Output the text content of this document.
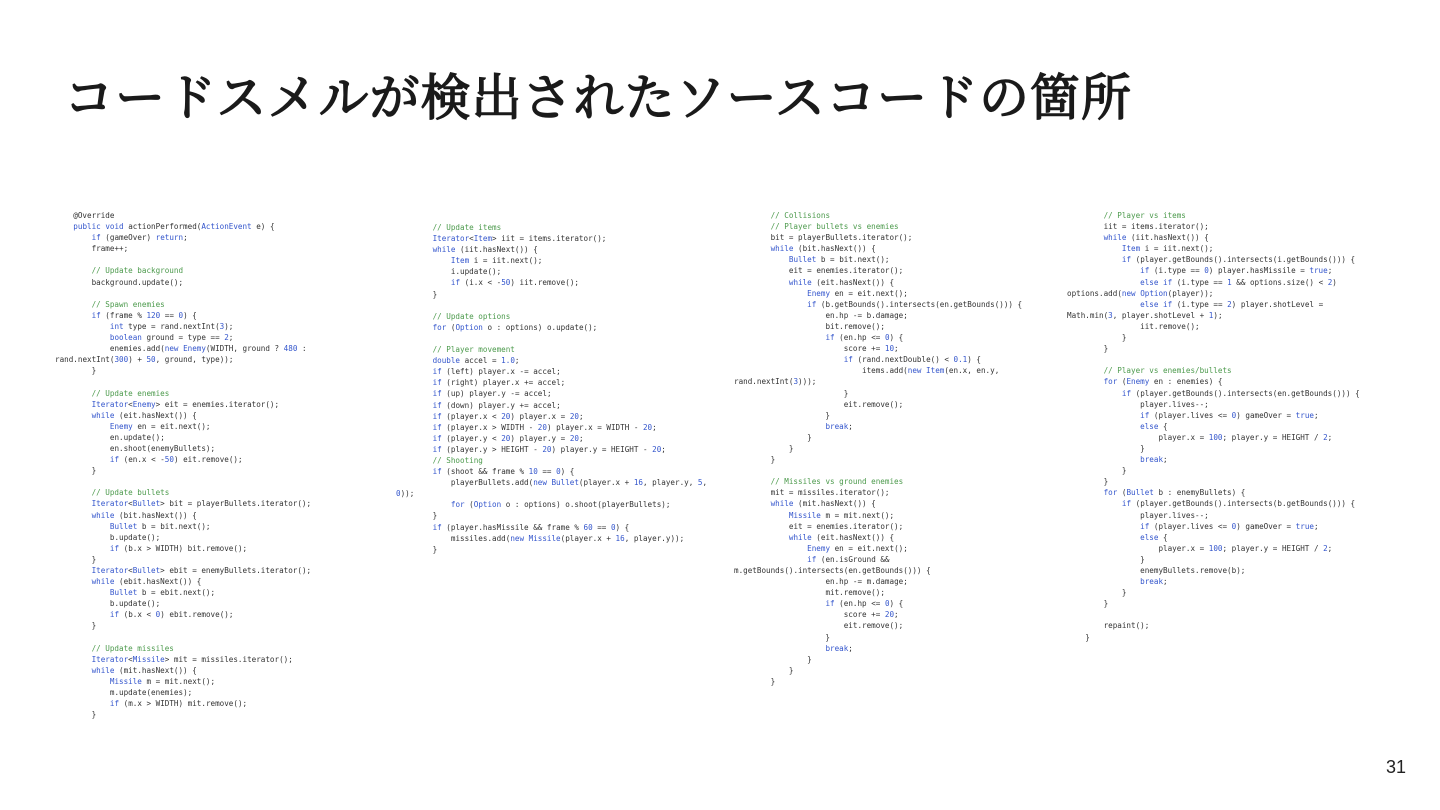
コードスメルが検出されたソースコードの箇所
@Override
public void actionPerformed(ActionEvent e) {
if (gameOver) return;
frame++;

// Update background
background.update();

// Spawn enemies
if (frame % 120 == 0) {
int type = rand.nextInt(3);
boolean ground = type == 2;
enemies.add(new Enemy(WIDTH, ground ? 480 :
rand.nextInt(300) + 50, ground, type));
}

// Update enemies
Iterator<Enemy> eit = enemies.iterator();
while (eit.hasNext()) {
Enemy en = eit.next();
en.update();
en.shoot(enemyBullets);
if (en.x < -50) eit.remove();
}

// Update bullets
Iterator<Bullet> bit = playerBullets.iterator();
while (bit.hasNext()) {
Bullet b = bit.next();
b.update();
if (b.x > WIDTH) bit.remove();
}
Iterator<Bullet> ebit = enemyBullets.iterator();
while (ebit.hasNext()) {
Bullet b = ebit.next();
b.update();
if (b.x < 0) ebit.remove();
}

// Update missiles
Iterator<Missile> mit = missiles.iterator();
while (mit.hasNext()) {
Missile m = mit.next();
m.update(enemies);
if (m.x > WIDTH) mit.remove();
}

// Update items
Iterator<Item> iit = items.iterator();
while (iit.hasNext()) {
Item i = iit.next();
i.update();
if (i.x < -50) iit.remove();
}

// Update options
for (Option o : options) o.update();

// Player movement
double accel = 1.0;
if (left) player.x -= accel;
if (right) player.x += accel;
if (up) player.y -= accel;
if (down) player.y += accel;
if (player.x < 20) player.x = 20;
if (player.x > WIDTH - 20) player.x = WIDTH - 20;
if (player.y < 20) player.y = 20;
if (player.y > HEIGHT - 20) player.y = HEIGHT - 20;
// Shooting
if (shoot && frame % 10 == 0) {
playerBullets.add(new Bullet(player.x + 16, player.y, 5,
0));
for (Option o : options) o.shoot(playerBullets);
}
if (player.hasMissile && frame % 60 == 0) {
missiles.add(new Missile(player.x + 16, player.y));
}

// Collisions
// Player bullets vs enemies
bit = playerBullets.iterator();
while (bit.hasNext()) {
Bullet b = bit.next();
eit = enemies.iterator();
while (eit.hasNext()) {
Enemy en = eit.next();
if (b.getBounds().intersects(en.getBounds())) {
en.hp -= b.damage;
bit.remove();
if (en.hp <= 0) {
score += 10;
if (rand.nextDouble() < 0.1) {
items.add(new Item(en.x, en.y,
rand.nextInt(3)));
}
eit.remove();
}
break;
}
}
}

// Missiles vs ground enemies
mit = missiles.iterator();
while (mit.hasNext()) {
Missile m = mit.next();
eit = enemies.iterator();
while (eit.hasNext()) {
Enemy en = eit.next();
if (en.isGround &&
m.getBounds().intersects(en.getBounds())) {
en.hp -= m.damage;
mit.remove();
if (en.hp <= 0) {
score += 20;
eit.remove();
}
break;
}
}
}

// Player vs items
iit = items.iterator();
while (iit.hasNext()) {
Item i = iit.next();
if (player.getBounds().intersects(i.getBounds())) {
if (i.type == 0) player.hasMissile = true;
else if (i.type == 1 && options.size() < 2)
options.add(new Option(player));
else if (i.type == 2) player.shotLevel =
Math.min(3, player.shotLevel + 1);
iit.remove();
}
}

// Player vs enemies/bullets
for (Enemy en : enemies) {
if (player.getBounds().intersects(en.getBounds())) {
player.lives--;
if (player.lives <= 0) gameOver = true;
else {
player.x = 100; player.y = HEIGHT / 2;
}
break;
}
}
for (Bullet b : enemyBullets) {
if (player.getBounds().intersects(b.getBounds())) {
player.lives--;
if (player.lives <= 0) gameOver = true;
else {
player.x = 100; player.y = HEIGHT / 2;
}
enemyBullets.remove(b);
break;
}
}

repaint();
}

31
